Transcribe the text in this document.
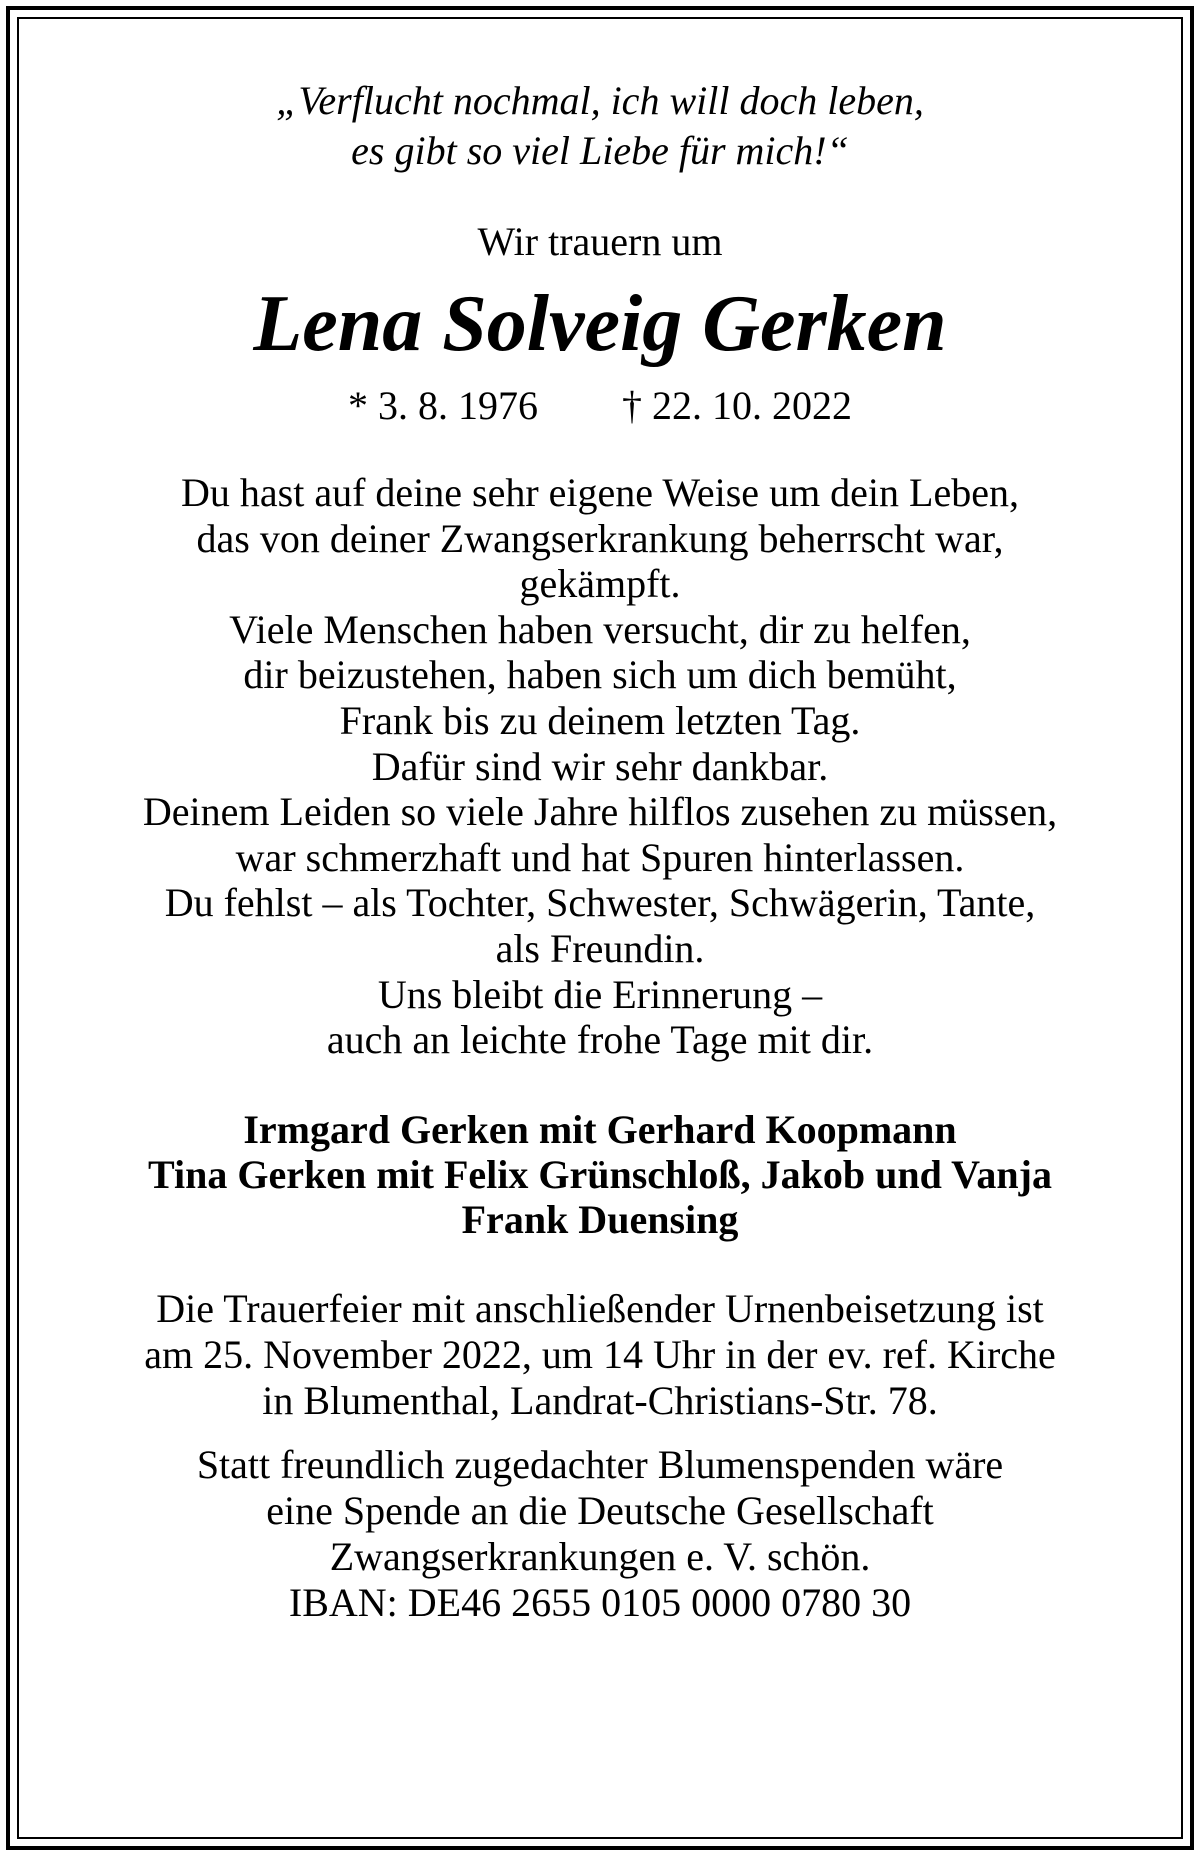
„Verflucht nochmal, ich will doch leben,
es gibt so viel Liebe für mich!“

Wir trauern um

Lena Solveig Gerken

* 3. 8. 1976 † 22. 10. 2022

Du hast auf deine sehr eigene Weise um dein Leben,
das von deiner Zwangserkrankung beherrscht war,
gekämpft.
Viele Menschen haben versucht, dir zu helfen,
dir beizustehen, haben sich um dich bemüht,
Frank bis zu deinem letzten Tag.
Dafür sind wir sehr dankbar.
Deinem Leiden so viele Jahre hilflos zusehen zu müssen,
war schmerzhaft und hat Spuren hinterlassen.
Du fehlst – als Tochter, Schwester, Schwägerin, Tante,
als Freundin.
Uns bleibt die Erinnerung –
auch an leichte frohe Tage mit dir.

Irmgard Gerken mit Gerhard Koopmann
Tina Gerken mit Felix Grünschloß, Jakob und Vanja
Frank Duensing

Die Trauerfeier mit anschließender Urnenbeisetzung ist
am 25. November 2022, um 14 Uhr in der ev. ref. Kirche
in Blumenthal, Landrat-Christians-Str. 78.

Statt freundlich zugedachter Blumenspenden wäre
eine Spende an die Deutsche Gesellschaft
Zwangserkrankungen e. V. schön.
IBAN: DE46 2655 0105 0000 0780 30
